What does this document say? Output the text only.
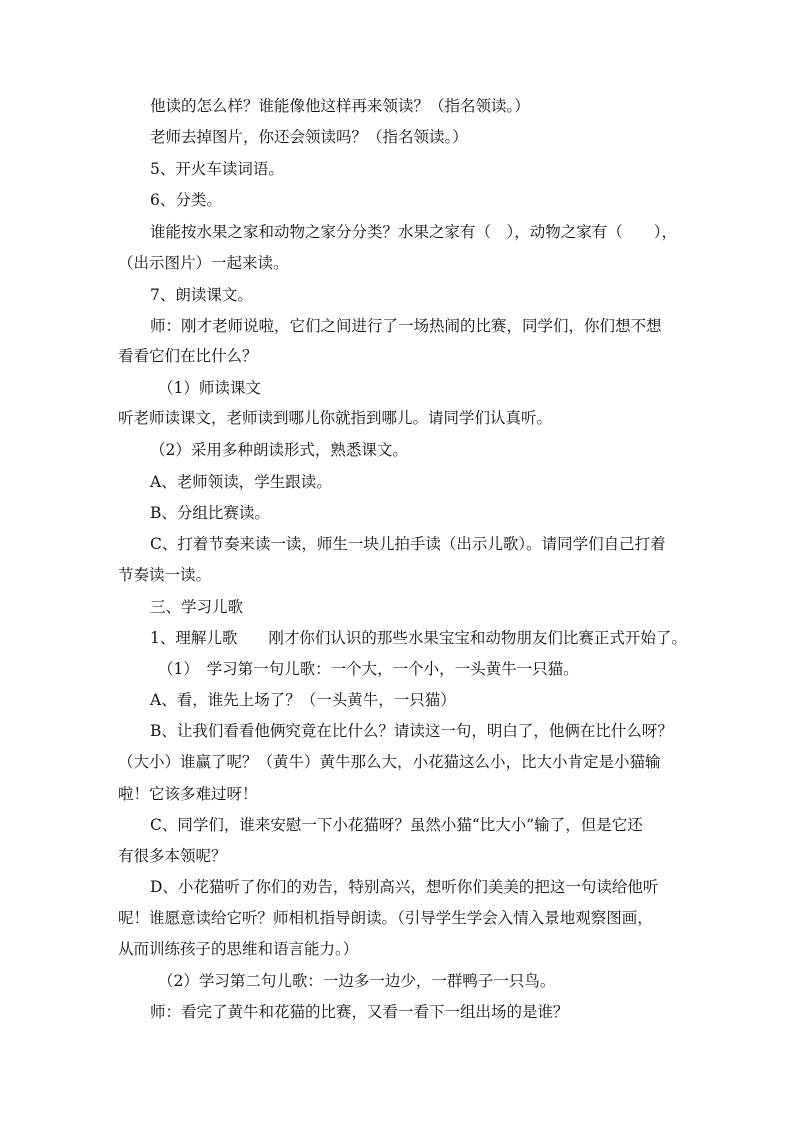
他读的怎么样？谁能像他这样再来领读？（指名领读。）
老师去掉图片，你还会领读吗？（指名领读。）
5、开火车读词语。
6、分类。
谁能按水果之家和动物之家分分类？水果之家有（　），动物之家有（　　），
（出示图片）一起来读。
7、朗读课文。
师：刚才老师说啦，它们之间进行了一场热闹的比赛，同学们，你们想不想
看看它们在比什么？
（1）师读课文
听老师读课文，老师读到哪儿你就指到哪儿。请同学们认真听。
（2）采用多种朗读形式，熟悉课文。
A、老师领读，学生跟读。
B、分组比赛读。
C、打着节奏来读一读，师生一块儿拍手读（出示儿歌）。请同学们自己打着
节奏读一读。
三、学习儿歌
1、理解儿歌　　刚才你们认识的那些水果宝宝和动物朋友们比赛正式开始了。
（1）　学习第一句儿歌：一个大，一个小，一头黄牛一只猫。
A、看，谁先上场了？（一头黄牛，一只猫）
B、让我们看看他俩究竟在比什么？请读这一句，明白了，他俩在比什么呀？
（大小）谁赢了呢？（黄牛）黄牛那么大，小花猫这么小，比大小肯定是小猫输
啦！它该多难过呀！
C、同学们，谁来安慰一下小花猫呀？虽然小猫“比大小”输了，但是它还
有很多本领呢？
D、小花猫听了你们的劝告，特别高兴，想听你们美美的把这一句读给他听
呢！谁愿意读给它听？师相机指导朗读。（引导学生学会入情入景地观察图画，
从而训练孩子的思维和语言能力。）
（2）学习第二句儿歌：一边多一边少，一群鸭子一只鸟。
师：看完了黄牛和花猫的比赛，又看一看下一组出场的是谁？
